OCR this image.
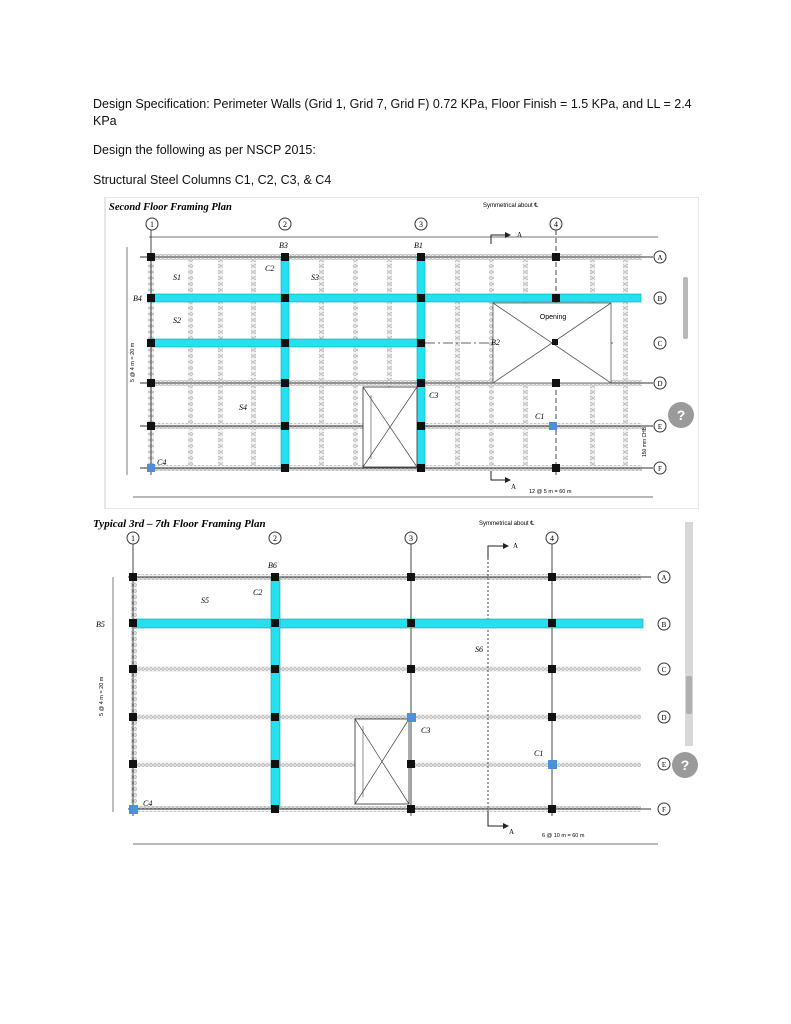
Design Specification: Perimeter Walls (Grid 1, Grid 7, Grid F) 0.72 KPa, Floor Finish = 1.5 KPa, and LL = 2.4 KPa
Design the following as per NSCP 2015:
Structural Steel Columns C1, C2, C3, & C4
Second Floor Framing Plan	Symmetrical about ℄
1	2	3	4
A
A
Opening
A
B
C
D
E
F
5 @ 4 m = 20 m
150 mm CHB
12 @ 5 m = 60 m
B3	B1
C2
S1	S3
B4
S2
B2
C3
S4
C1
C4
?
Typical 3rd – 7th Floor Framing Plan	Symmetrical about ℄
1	2	3	4
A
A
A
B
C
D
E
F
5 @ 4 m = 20 m
6 @ 10 m = 60 m
B6
C2
S5
B5
S6
C3
C1
C4
?
